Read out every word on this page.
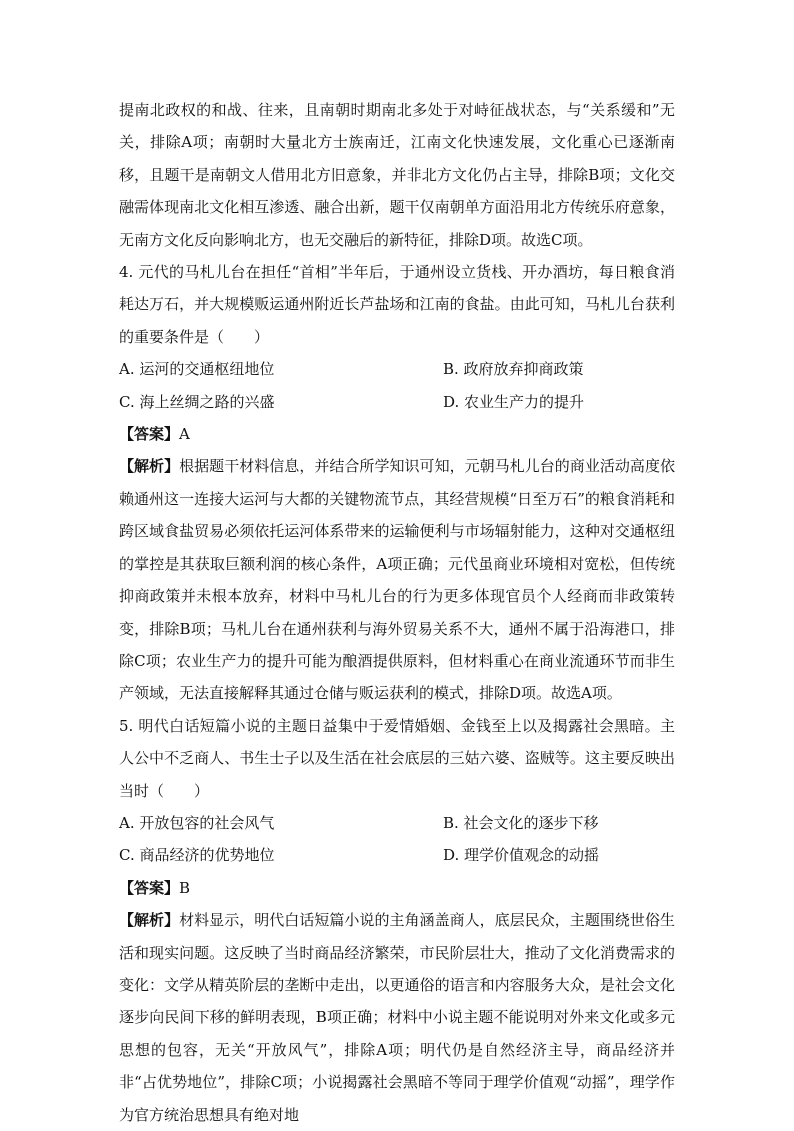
提南北政权的和战、往来，且南朝时期南北多处于对峙征战状态，与“关系缓和”无关，排除A项；南朝时大量北方士族南迁，江南文化快速发展，文化重心已逐渐南移，且题干是南朝文人借用北方旧意象，并非北方文化仍占主导，排除B项；文化交融需体现南北文化相互渗透、融合出新，题干仅南朝单方面沿用北方传统乐府意象，无南方文化反向影响北方，也无交融后的新特征，排除D项。故选C项。

4. 元代的马札儿台在担任“首相”半年后，于通州设立货栈、开办酒坊，每日粮食消耗达万石，并大规模贩运通州附近长芦盐场和江南的食盐。由此可知，马札儿台获利的重要条件是（　　）

A. 运河的交通枢纽地位	B. 政府放弃抑商政策
C. 海上丝绸之路的兴盛	D. 农业生产力的提升

【答案】A

【解析】根据题干材料信息，并结合所学知识可知，元朝马札儿台的商业活动高度依赖通州这一连接大运河与大都的关键物流节点，其经营规模“日至万石”的粮食消耗和跨区域食盐贸易必须依托运河体系带来的运输便利与市场辐射能力，这种对交通枢纽的掌控是其获取巨额利润的核心条件，A项正确；元代虽商业环境相对宽松，但传统抑商政策并未根本放弃，材料中马札儿台的行为更多体现官员个人经商而非政策转变，排除B项；马札儿台在通州获利与海外贸易关系不大，通州不属于沿海港口，排除C项；农业生产力的提升可能为酿酒提供原料，但材料重心在商业流通环节而非生产领域，无法直接解释其通过仓储与贩运获利的模式，排除D项。故选A项。

5. 明代白话短篇小说的主题日益集中于爱情婚姻、金钱至上以及揭露社会黑暗。主人公中不乏商人、书生士子以及生活在社会底层的三姑六婆、盗贼等。这主要反映出当时（　　）

A. 开放包容的社会风气	B. 社会文化的逐步下移
C. 商品经济的优势地位	D. 理学价值观念的动摇

【答案】B

【解析】材料显示，明代白话短篇小说的主角涵盖商人，底层民众，主题围绕世俗生活和现实问题。这反映了当时商品经济繁荣，市民阶层壮大，推动了文化消费需求的变化：文学从精英阶层的垄断中走出，以更通俗的语言和内容服务大众，是社会文化逐步向民间下移的鲜明表现，B项正确；材料中小说主题不能说明对外来文化或多元思想的包容，无关“开放风气”，排除A项；明代仍是自然经济主导，商品经济并非“占优势地位”，排除C项；小说揭露社会黑暗不等同于理学价值观“动摇”，理学作为官方统治思想具有绝对地
